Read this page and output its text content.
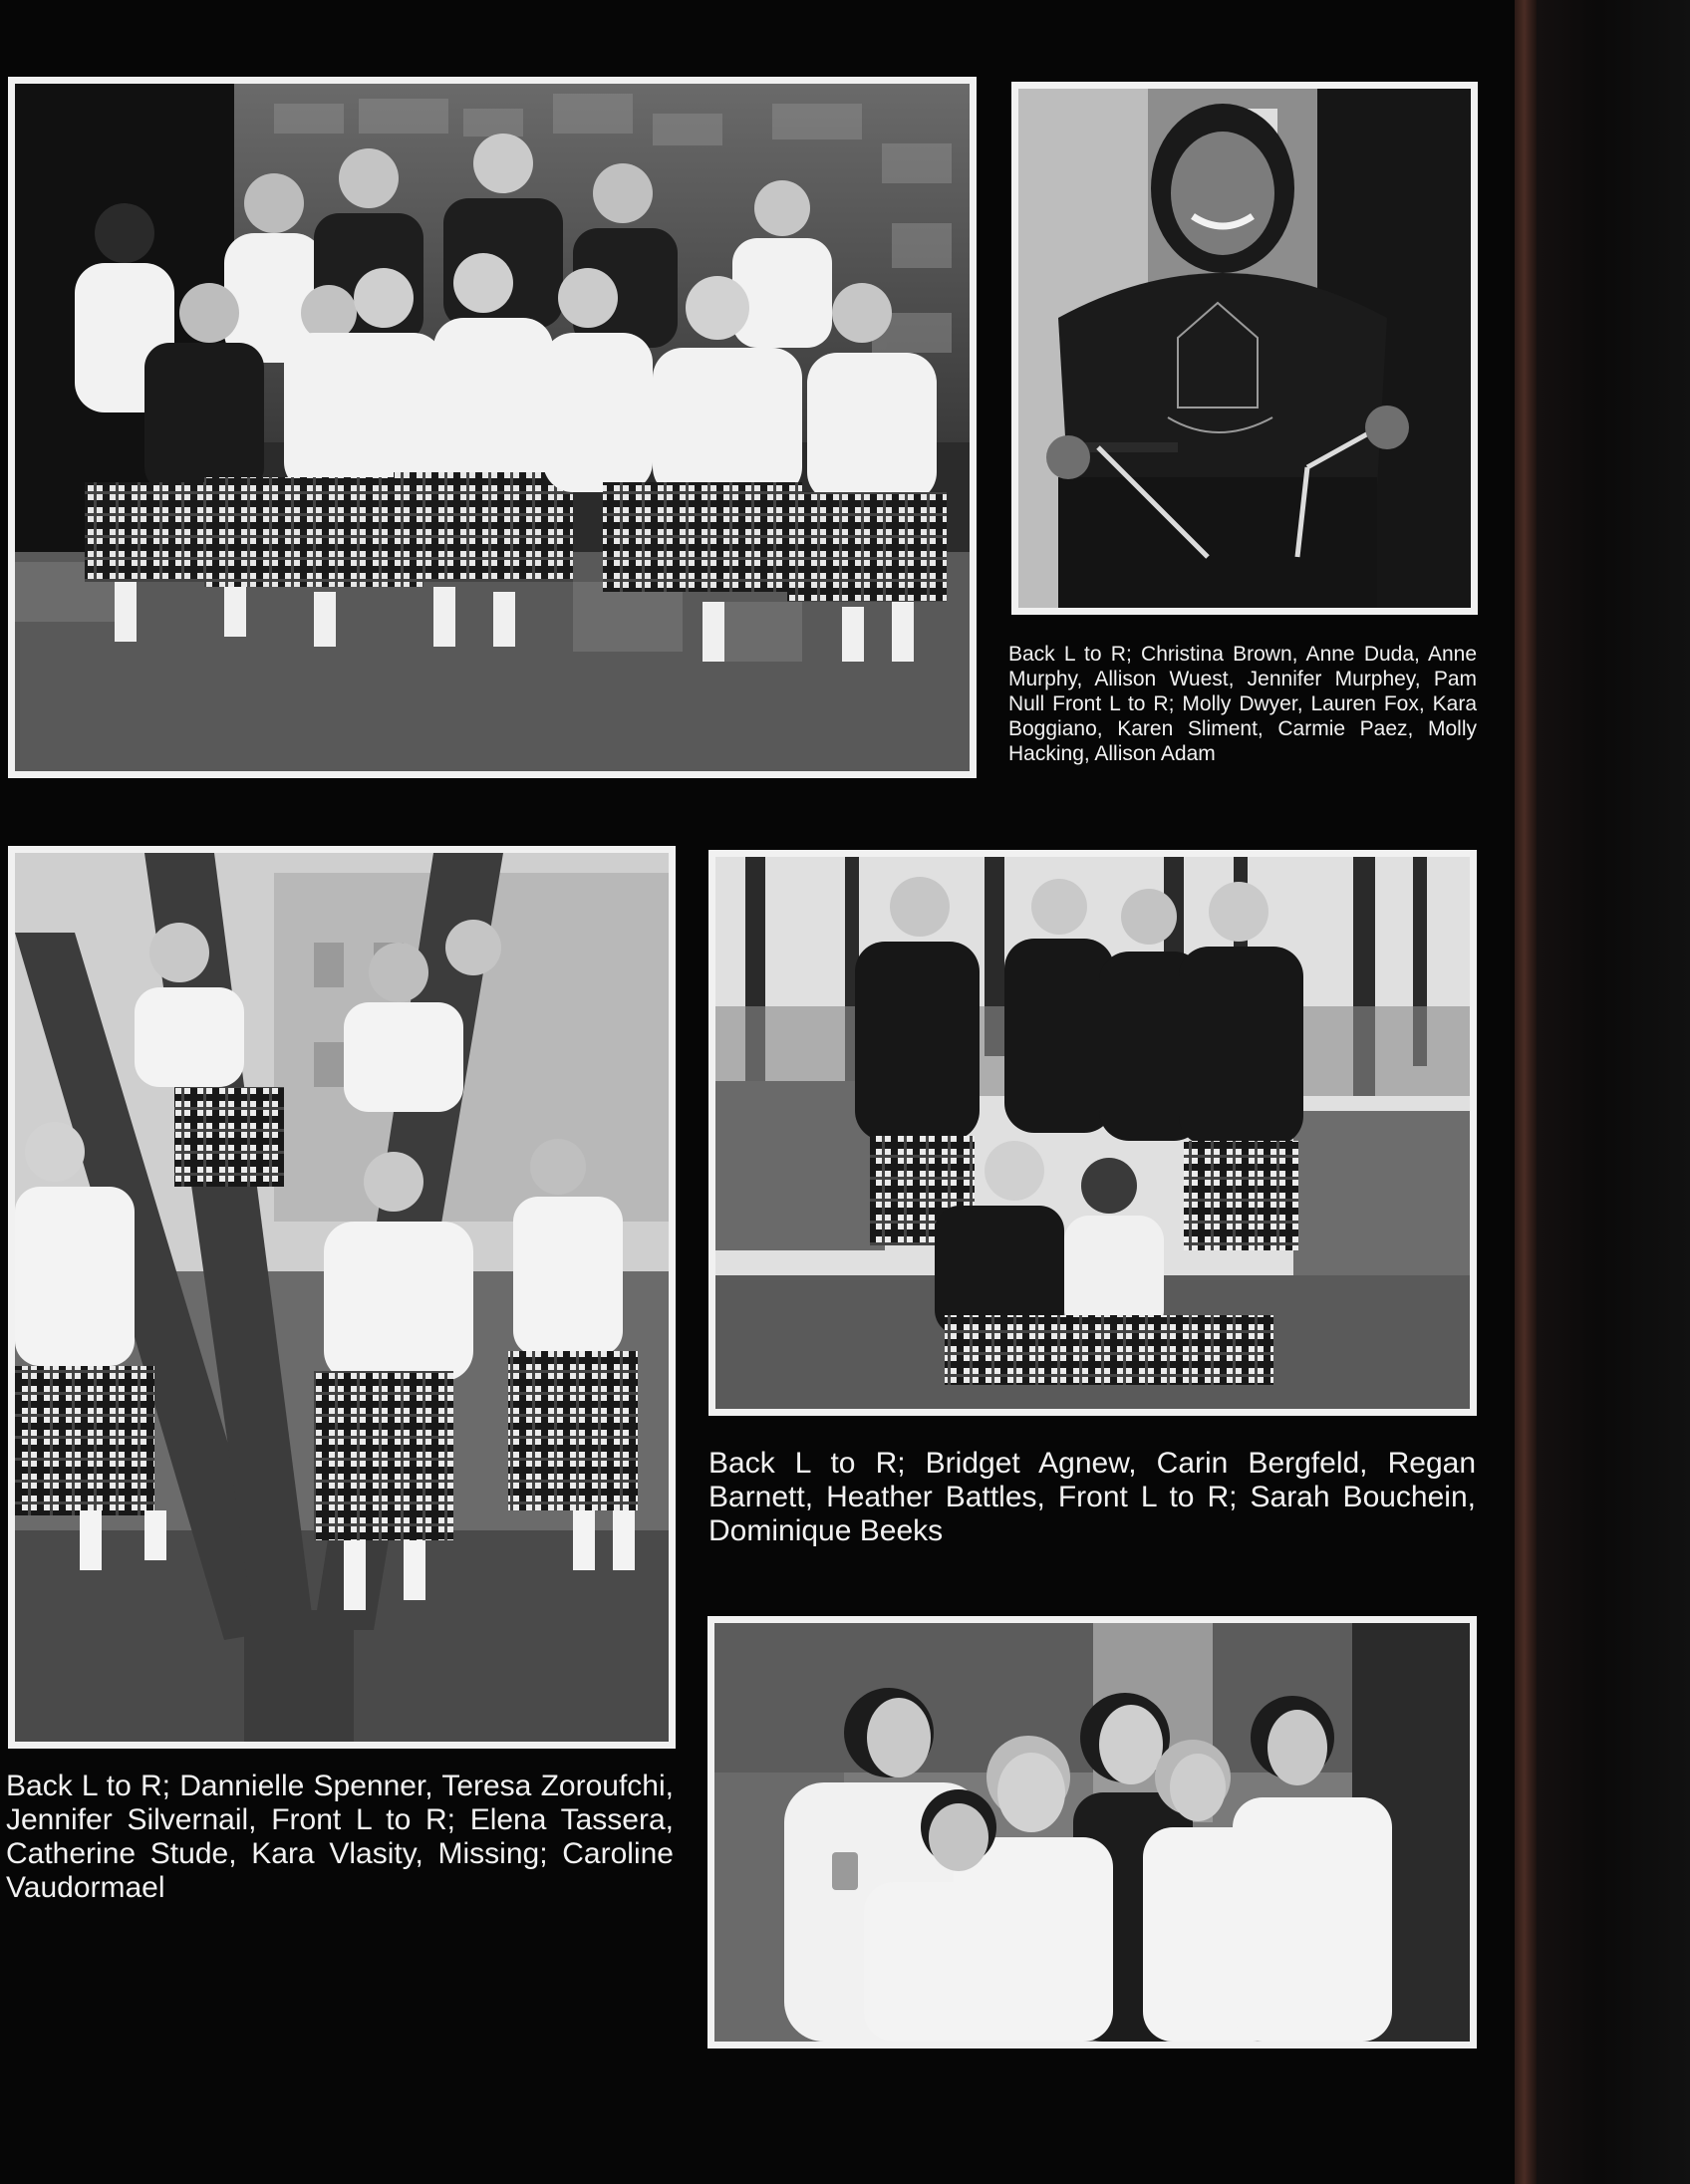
Back L to R; Christina Brown, Anne Duda, Anne Murphy, Allison Wuest, Jennifer Murphey, Pam Null Front L to R; Molly Dwyer, Lauren Fox, Kara Boggiano, Karen Sliment, Carmie Paez, Molly Hacking, Allison Adam
Back L to R; Dannielle Spenner, Teresa Zoroufchi, Jennifer Silvernail, Front L to R; Elena Tassera, Catherine Stude, Kara Vlasity, Missing; Caroline Vaudormael
Back L to R; Bridget Agnew, Carin Bergfeld, Regan Barnett, Heather Battles, Front L to R; Sarah Bouchein, Dominique Beeks
